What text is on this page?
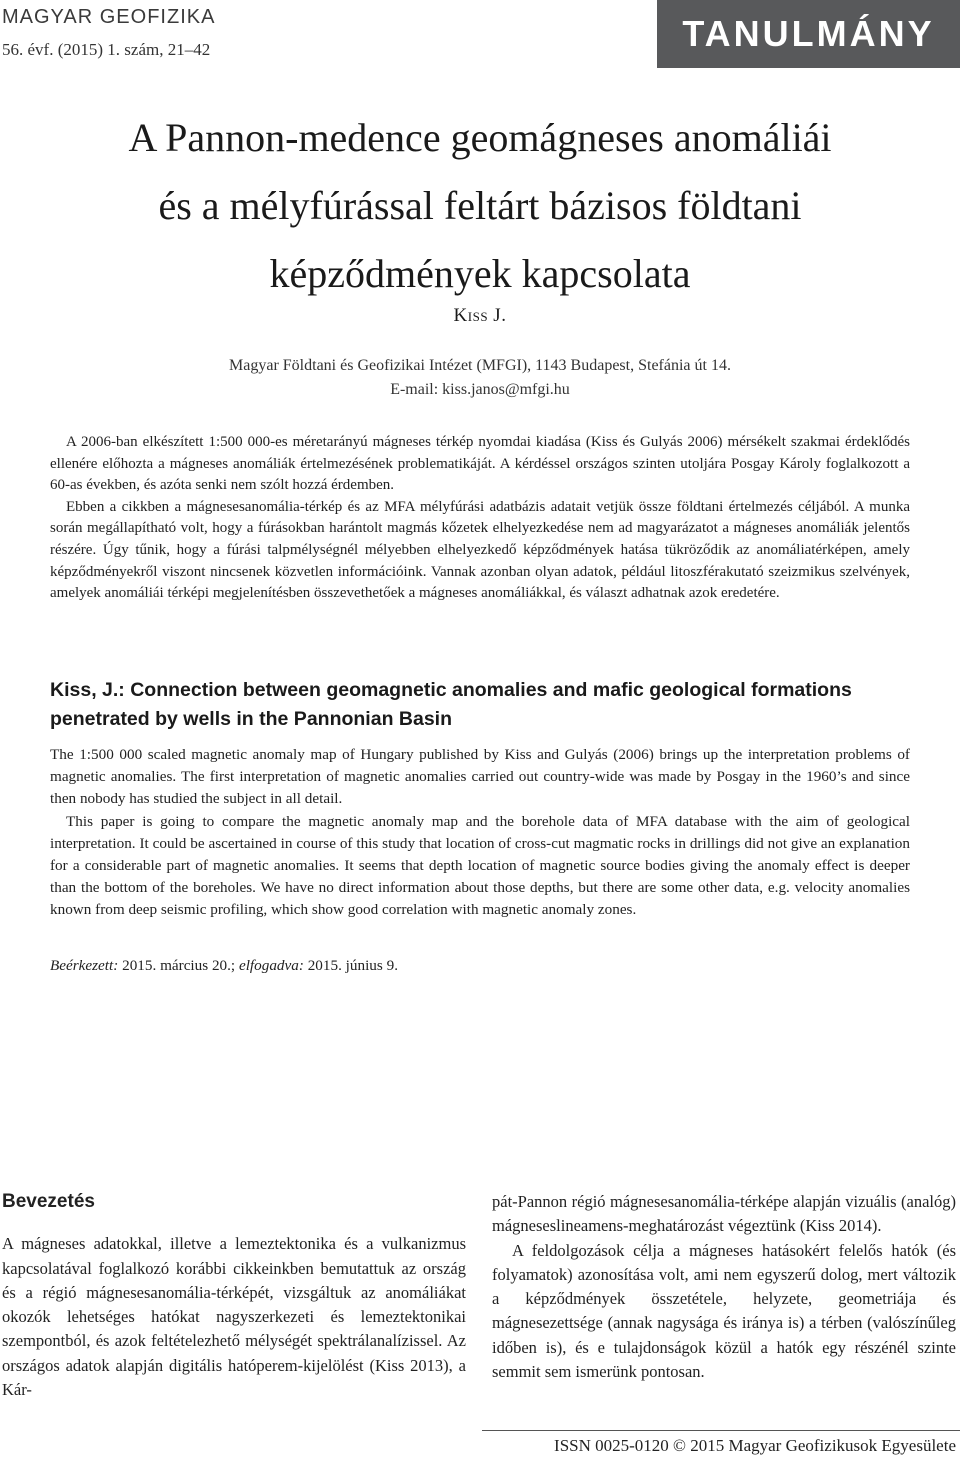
MAGYAR GEOFIZIKA
56. évf. (2015) 1. szám, 21–42	TANULMÁNY
A Pannon-medence geomágneses anomáliái
és a mélyfúrással feltárt bázisos földtani
képződmények kapcsolata
Kiss J.
Magyar Földtani és Geofizikai Intézet (MFGI), 1143 Budapest, Stefánia út 14.
E-mail: kiss.janos@mfgi.hu

A 2006-ban elkészített 1:500 000-es méretarányú mágneses térkép nyomdai kiadása (Kiss és Gulyás 2006) mérsékelt szakmai érdeklődés ellenére előhozta a mágneses anomáliák értelmezésének problematikáját. A kérdéssel országos szinten utoljára Posgay Károly foglalkozott a 60-as években, és azóta senki nem szólt hozzá érdemben.

Ebben a cikkben a mágnesesanomália-térkép és az MFA mélyfúrási adatbázis adatait vetjük össze földtani értelmezés céljából. A munka során megállapítható volt, hogy a fúrásokban harántolt magmás kőzetek elhelyezkedése nem ad magyarázatot a mágneses anomáliák jelentős részére. Úgy tűnik, hogy a fúrási talpmélységnél mélyebben elhelyezkedő képződmények hatása tükröződik az anomáliatérképen, amely képződményekről viszont nincsenek közvetlen információink. Vannak azonban olyan adatok, például litoszférakutató szeizmikus szelvények, amelyek anomáliái térképi megjelenítésben összevethetőek a mágneses anomáliákkal, és választ adhatnak azok eredetére.

Kiss, J.: Connection between geomagnetic anomalies and mafic geological formations penetrated by wells in the Pannonian Basin

The 1:500 000 scaled magnetic anomaly map of Hungary published by Kiss and Gulyás (2006) brings up the interpretation problems of magnetic anomalies. The first interpretation of magnetic anomalies carried out country-wide was made by Posgay in the 1960’s and since then nobody has studied the subject in all detail.

This paper is going to compare the magnetic anomaly map and the borehole data of MFA database with the aim of geological interpretation. It could be ascertained in course of this study that location of cross-cut magmatic rocks in drillings did not give an explanation for a considerable part of magnetic anomalies. It seems that depth location of magnetic source bodies giving the anomaly effect is deeper than the bottom of the boreholes. We have no direct information about those depths, but there are some other data, e.g. velocity anomalies known from deep seismic profiling, which show good correlation with magnetic anomaly zones.

Beérkezett: 2015. március 20.; elfogadva: 2015. június 9.

Bevezetés

A mágneses adatokkal, illetve a lemeztektonika és a vulkanizmus kapcsolatával foglalkozó korábbi cikkeinkben bemutattuk az ország és a régió mágnesesanomália-térképét, vizsgáltuk az anomáliákat okozók lehetséges hatókat nagyszerkezeti és lemeztektonikai szempontból, és azok feltételezhető mélységét spektrálanalízissel. Az országos adatok alapján digitális hatóperem-kijelölést (Kiss 2013), a Kár-

pát-Pannon régió mágnesesanomália-térképe alapján vizuális (analóg) mágneseslineamens-meghatározást végeztünk (Kiss 2014).

A feldolgozások célja a mágneses hatásokért felelős hatók (és folyamatok) azonosítása volt, ami nem egyszerű dolog, mert változik a képződmények összetétele, helyzete, geometriája és mágnesezettsége (annak nagysága és iránya is) a térben (valószínűleg időben is), és e tulajdonságok közül a hatók egy részénél szinte semmit sem ismerünk pontosan.

ISSN 0025-0120 © 2015 Magyar Geofizikusok Egyesülete
